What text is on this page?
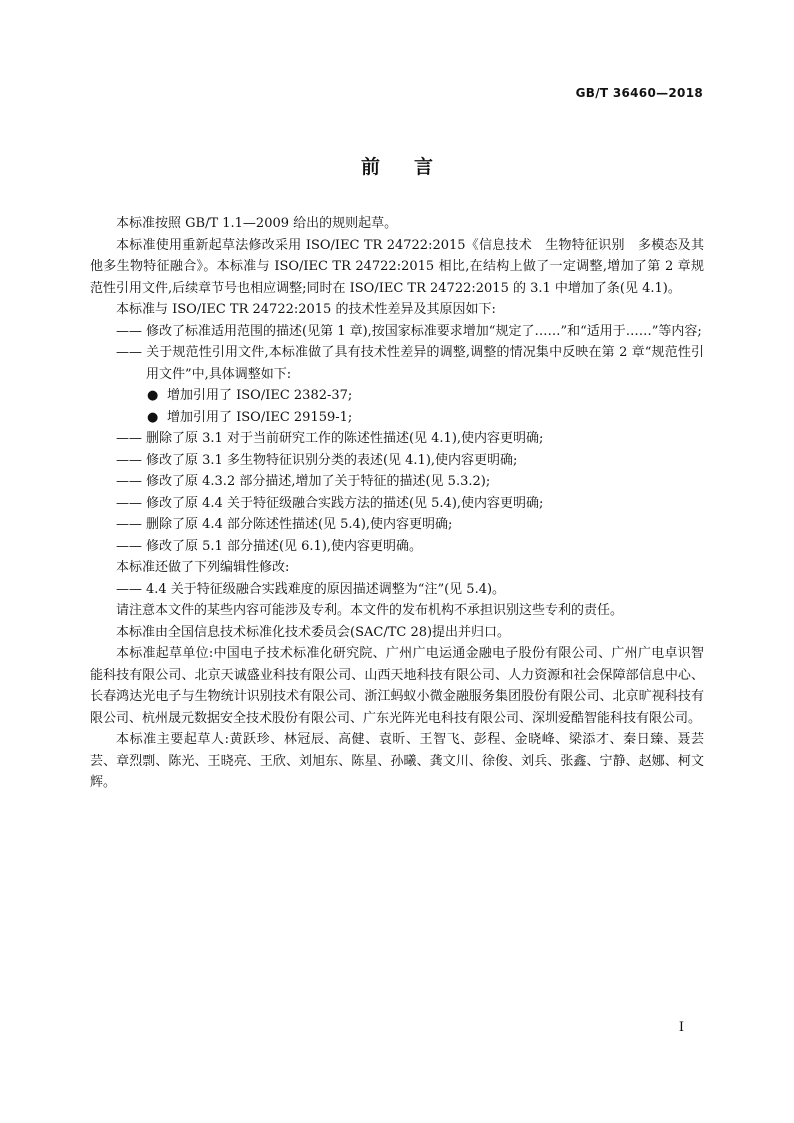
GB/T 36460—2018
前言

本标准按照 GB/T 1.1—2009 给出的规则起草。

本标准使用重新起草法修改采用 ISO/IEC TR 24722:2015《信息技术　生物特征识别　多模态及其他多生物特征融合》。本标准与 ISO/IEC TR 24722:2015 相比,在结构上做了一定调整,增加了第 2 章规范性引用文件,后续章节号也相应调整;同时在 ISO/IEC TR 24722:2015 的 3.1 中增加了条(见 4.1)。

本标准与 ISO/IEC TR 24722:2015 的技术性差异及其原因如下:

—— 修改了标准适用范围的描述(见第 1 章),按国家标准要求增加“规定了……”和“适用于……”等内容;

—— 关于规范性引用文件,本标准做了具有技术性差异的调整,调整的情况集中反映在第 2 章“规范性引用文件”中,具体调整如下:

● 增加引用了 ISO/IEC 2382-37;

● 增加引用了 ISO/IEC 29159-1;

—— 删除了原 3.1 对于当前研究工作的陈述性描述(见 4.1),使内容更明确;

—— 修改了原 3.1 多生物特征识别分类的表述(见 4.1),使内容更明确;

—— 修改了原 4.3.2 部分描述,增加了关于特征的描述(见 5.3.2);

—— 修改了原 4.4 关于特征级融合实践方法的描述(见 5.4),使内容更明确;

—— 删除了原 4.4 部分陈述性描述(见 5.4),使内容更明确;

—— 修改了原 5.1 部分描述(见 6.1),使内容更明确。

本标准还做了下列编辑性修改:

—— 4.4 关于特征级融合实践难度的原因描述调整为“注”(见 5.4)。

请注意本文件的某些内容可能涉及专利。本文件的发布机构不承担识别这些专利的责任。

本标准由全国信息技术标准化技术委员会(SAC/TC 28)提出并归口。

本标准起草单位:中国电子技术标准化研究院、广州广电运通金融电子股份有限公司、广州广电卓识智能科技有限公司、北京天诚盛业科技有限公司、山西天地科技有限公司、人力资源和社会保障部信息中心、长春鸿达光电子与生物统计识别技术有限公司、浙江蚂蚁小微金融服务集团股份有限公司、北京旷视科技有限公司、杭州晟元数据安全技术股份有限公司、广东光阵光电科技有限公司、深圳爱酷智能科技有限公司。

本标准主要起草人:黄跃珍、林冠辰、高健、袁昕、王智飞、彭程、金晓峰、梁添才、秦日臻、聂芸芸、章烈剽、陈光、王晓亮、王欣、刘旭东、陈星、孙曦、龚文川、徐俊、刘兵、张鑫、宁静、赵娜、柯文辉。

I
